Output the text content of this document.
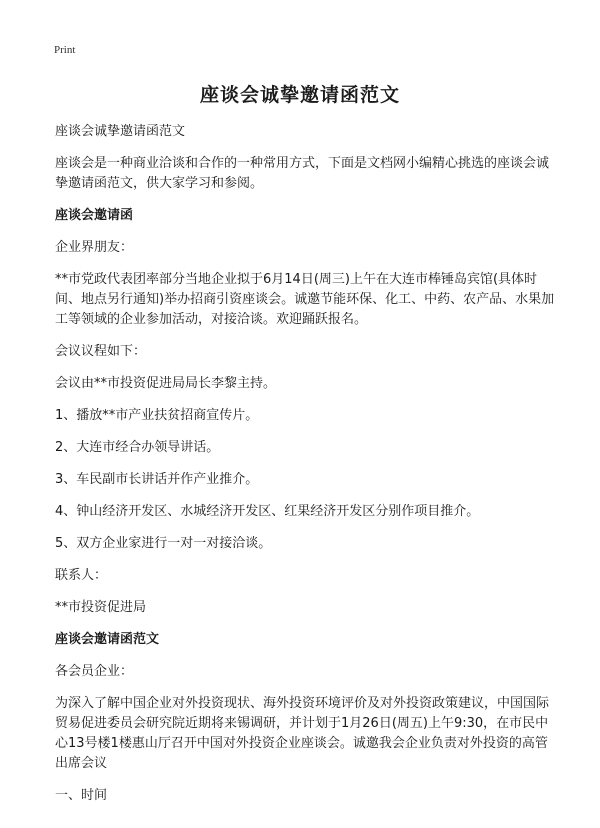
Print
座谈会诚挚邀请函范文

座谈会诚挚邀请函范文

座谈会是一种商业洽谈和合作的一种常用方式，下面是文档网小编精心挑选的座谈会诚挚邀请函范文，供大家学习和参阅。

座谈会邀请函

企业界朋友：

**市党政代表团率部分当地企业拟于6月14日(周三)上午在大连市棒锤岛宾馆(具体时间、地点另行通知)举办招商引资座谈会。诚邀节能环保、化工、中药、农产品、水果加工等领域的企业参加活动，对接洽谈。欢迎踊跃报名。

会议议程如下：

会议由**市投资促进局局长李黎主持。

1、播放**市产业扶贫招商宣传片。

2、大连市经合办领导讲话。

3、车民副市长讲话并作产业推介。

4、钟山经济开发区、水城经济开发区、红果经济开发区分别作项目推介。

5、双方企业家进行一对一对接洽谈。

联系人：

**市投资促进局

座谈会邀请函范文

各会员企业：

为深入了解中国企业对外投资现状、海外投资环境评价及对外投资政策建议，中国国际贸易促进委员会研究院近期将来锡调研，并计划于1月26日(周五)上午9:30，在市民中心13号楼1楼惠山厅召开中国对外投资企业座谈会。诚邀我会企业负责对外投资的高管出席会议

一、时间
